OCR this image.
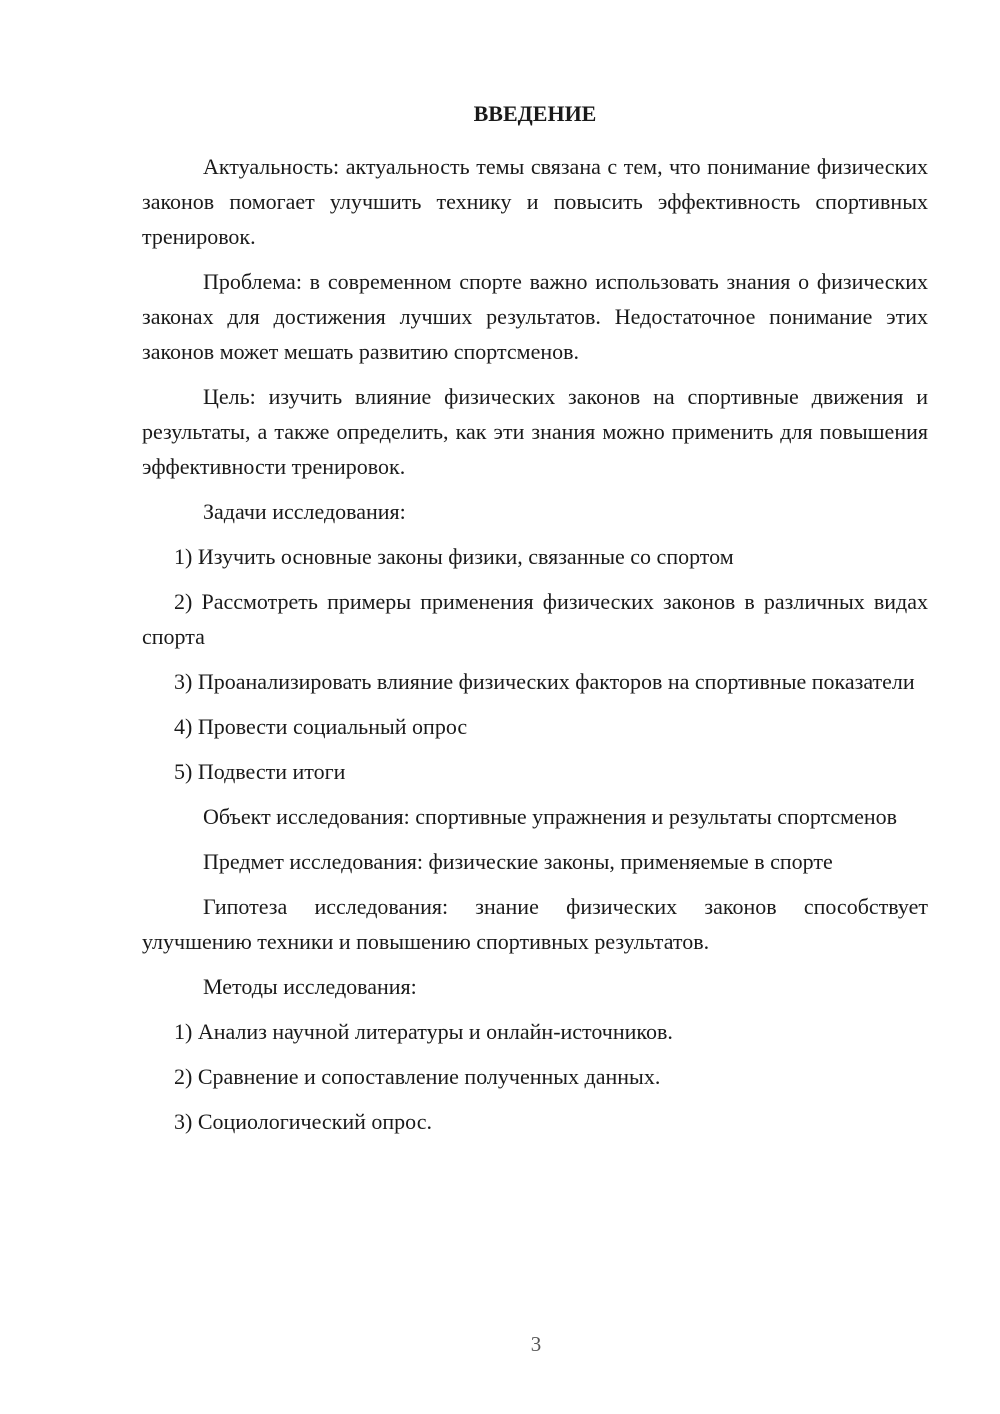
ВВЕДЕНИЕ

Актуальность: актуальность темы связана с тем, что понимание физических законов помогает улучшить технику и повысить эффективность спортивных тренировок.

Проблема: в современном спорте важно использовать знания о физических законах для достижения лучших результатов. Недостаточное понимание этих законов может мешать развитию спортсменов.

Цель: изучить влияние физических законов на спортивные движения и результаты, а также определить, как эти знания можно применить для повышения эффективности тренировок.

Задачи исследования:

1) Изучить основные законы физики, связанные со спортом

2) Рассмотреть примеры применения физических законов в различных видах спорта

3) Проанализировать влияние физических факторов на спортивные показатели

4) Провести социальный опрос

5) Подвести итоги

Объект исследования: спортивные упражнения и результаты спортсменов

Предмет исследования: физические законы, применяемые в спорте

Гипотеза исследования: знание физических законов способствует улучшению техники и повышению спортивных результатов.

Методы исследования:

1) Анализ научной литературы и онлайн-источников.

2) Сравнение и сопоставление полученных данных.

3) Социологический опрос.

3
